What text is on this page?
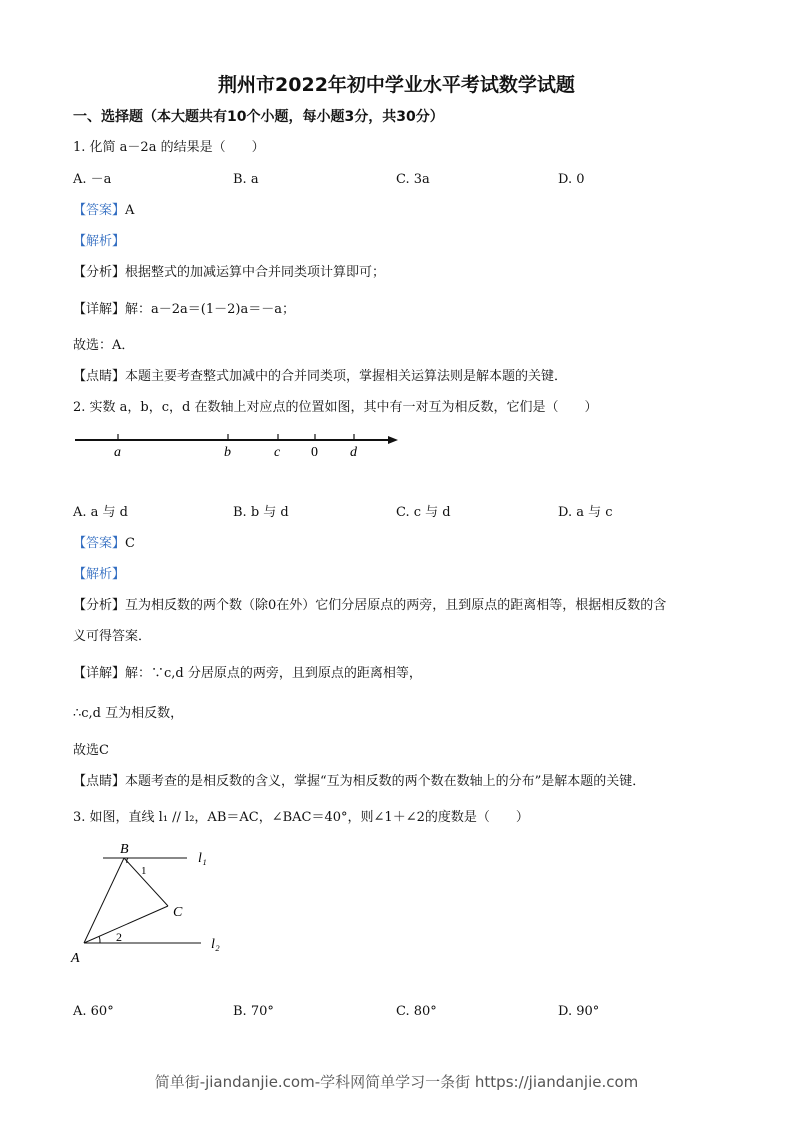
荆州市2022年初中学业水平考试数学试题
一、选择题（本大题共有10个小题，每小题3分，共30分）
1. 化简 a－2a 的结果是（　　）
A. －a	B. a	C. 3a	D. 0
【答案】A
【解析】
【分析】根据整式的加减运算中合并同类项计算即可；
【详解】解：a－2a＝(1－2)a＝－a；
故选：A．
【点睛】本题主要考查整式加减中的合并同类项，掌握相关运算法则是解本题的关键．
2. 实数 a，b，c，d 在数轴上对应点的位置如图，其中有一对互为相反数，它们是（　　）
a	b	c 0 d
A. a 与 d	B. b 与 d	C. c 与 d	D. a 与 c
【答案】C
【解析】
【分析】互为相反数的两个数（除0在外）它们分居原点的两旁，且到原点的距离相等，根据相反数的含
义可得答案．
【详解】解：∵c,d 分居原点的两旁，且到原点的距离相等，
∴c,d 互为相反数，
故选C
【点睛】本题考查的是相反数的含义，掌握“互为相反数的两个数在数轴上的分布”是解本题的关键．
3. 如图，直线 l₁ // l₂，AB＝AC，∠BAC＝40°，则∠1＋∠2的度数是（　　）
B
C
A
l₁
l₂
1
2
A. 60°	B. 70°	C. 80°	D. 90°
简单街-jiandanjie.com-学科网简单学习一条街 https://jiandanjie.com
